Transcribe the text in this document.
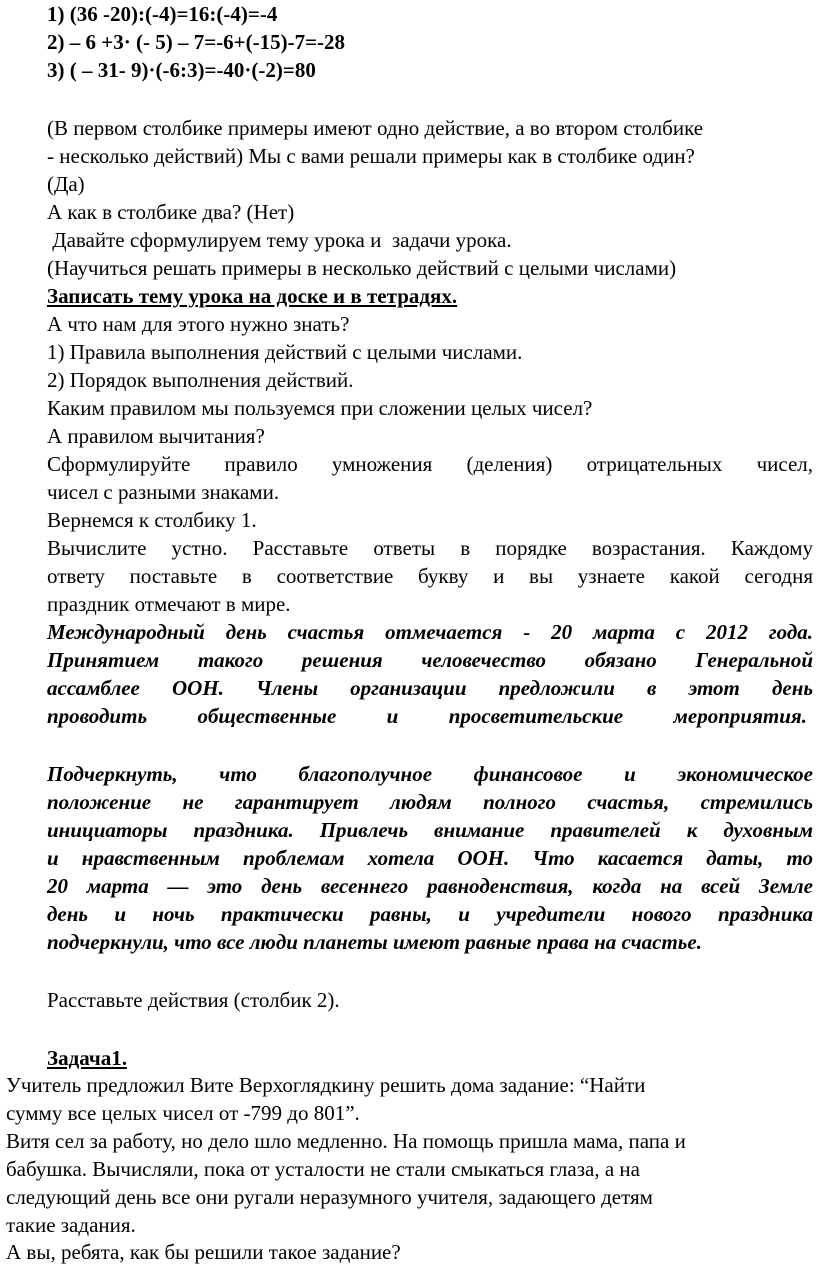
1) (36 -20):(-4)=16:(-4)=-4
2) – 6 +3· (- 5) – 7=-6+(-15)-7=-28
3) ( – 31- 9)·(-6:3)=-40·(-2)=80
(В первом столбике примеры имеют одно действие, а во втором столбике
- несколько действий) Мы с вами решали примеры как в столбике один?
(Да)
А как в столбике два? (Нет)
Давайте сформулируем тему урока и  задачи урока.
(Научиться решать примеры в несколько действий с целыми числами)
Записать тему урока на доске и в тетрадях.
А что нам для этого нужно знать?
1) Правила выполнения действий с целыми числами.
2) Порядок выполнения действий.
Каким правилом мы пользуемся при сложении целых чисел?
А правилом вычитания?
Сформулируйте правило умножения (деления) отрицательных чисел,
чисел с разными знаками.
Вернемся к столбику 1.
Вычислите устно. Расставьте ответы в порядке возрастания. Каждому
ответу поставьте в соответствие букву и вы узнаете какой сегодня
праздник отмечают в мире.
Международный день счастья отмечается - 20 марта с 2012 года.
Принятием такого решения человечество обязано Генеральной
ассамблее ООН. Члены организации предложили в этот день
проводить общественные и просветительские мероприятия.
Подчеркнуть, что благополучное финансовое и экономическое
положение не гарантирует людям полного счастья, стремились
инициаторы праздника. Привлечь внимание правителей к духовным
и нравственным проблемам хотела ООН. Что касается даты, то
20 марта — это день весеннего равноденствия, когда на всей Земле
день и ночь практически равны, и учредители нового праздника
подчеркнули, что все люди планеты имеют равные права на счастье.
Расставьте действия (столбик 2).
Задача1.
Учитель предложил Вите Верхоглядкину решить дома задание: “Найти
сумму все целых чисел от -799 до 801”.
Витя сел за работу, но дело шло медленно. На помощь пришла мама, папа и
бабушка. Вычисляли, пока от усталости не стали смыкаться глаза, а на
следующий день все они ругали неразумного учителя, задающего детям
такие задания.
А вы, ребята, как бы решили такое задание?
